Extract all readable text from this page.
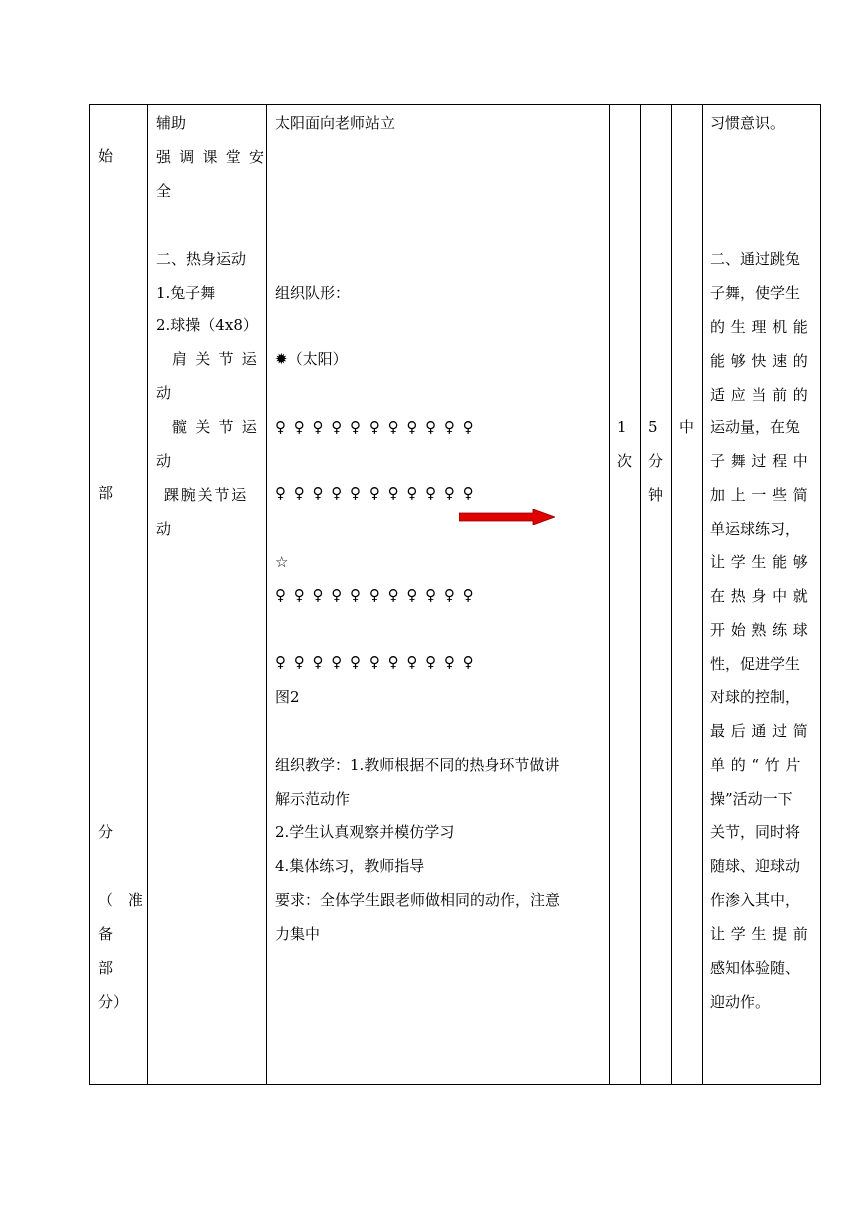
始
部
分
（　准
备
部
分）
辅助
强调课堂安
全
二、热身运动
1.兔子舞
2.球操（4x8）
肩关节运
动
髋关节运
动
踝腕关节运
动
太阳面向老师站立
组织队形：
✹（太阳）
♀♀♀♀♀♀♀♀♀♀♀
♀♀♀♀♀♀♀♀♀♀♀
☆
♀♀♀♀♀♀♀♀♀♀♀
♀♀♀♀♀♀♀♀♀♀♀
图2
组织教学：1.教师根据不同的热身环节做讲
解示范动作
2.学生认真观察并模仿学习
4.集体练习，教师指导
要求：全体学生跟老师做相同的动作，注意
力集中
1
次
5
分
钟
中
习惯意识。
二、通过跳兔
子舞，使学生
的生理机能
能够快速的
适应当前的
运动量，在兔
子舞过程中
加上一些简
单运球练习，
让学生能够
在热身中就
开始熟练球
性，促进学生
对球的控制，
最后通过简
单的“竹片
操”活动一下
关节，同时将
随球、迎球动
作渗入其中，
让学生提前
感知体验随、
迎动作。
